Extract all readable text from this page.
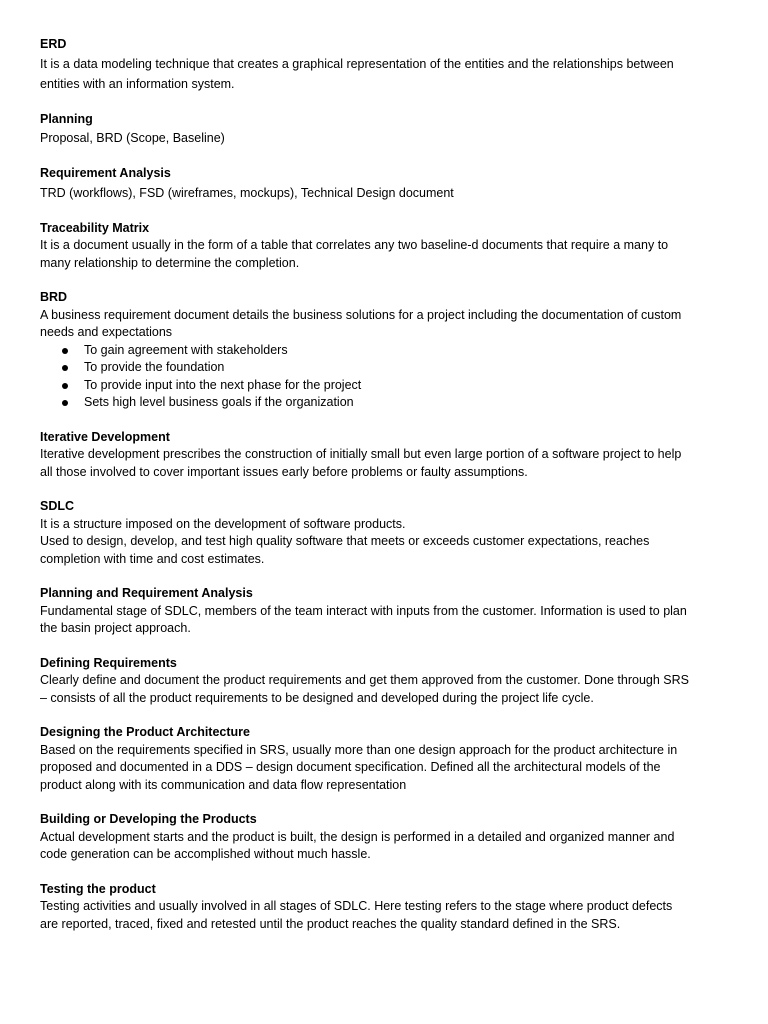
ERD

It is a data modeling technique that creates a graphical representation of the entities and the relationships between entities with an information system.

Planning

Proposal, BRD (Scope, Baseline)

Requirement Analysis

TRD (workflows), FSD (wireframes, mockups), Technical Design document

Traceability Matrix

It is a document usually in the form of a table that correlates any two baseline-d documents that require a many to many relationship to determine the completion.

BRD

A business requirement document details the business solutions for a project including the documentation of custom needs and expectations

To gain agreement with stakeholders
To provide the foundation
To provide input into the next phase for the project
Sets high level business goals if the organization

Iterative Development

Iterative development prescribes the construction of initially small but even large portion of a software project to help all those involved to cover important issues early before problems or faulty assumptions.

SDLC

It is a structure imposed on the development of software products.

Used to design, develop, and test high quality software that meets or exceeds customer expectations, reaches completion with time and cost estimates.

Planning and Requirement Analysis

Fundamental stage of SDLC, members of the team interact with inputs from the customer. Information is used to plan the basin project approach.

Defining Requirements

Clearly define and document the product requirements and get them approved from the customer. Done through SRS – consists of all the product requirements to be designed and developed during the project life cycle.

Designing the Product Architecture

Based on the requirements specified in SRS, usually more than one design approach for the product architecture in proposed and documented in a DDS – design document specification. Defined all the architectural models of the product along with its communication and data flow representation

Building or Developing the Products

Actual development starts and the product is built, the design is performed in a detailed and organized manner and code generation can be accomplished without much hassle.

Testing the product

Testing activities and usually involved in all stages of SDLC. Here testing refers to the stage where product defects are reported, traced, fixed and retested until the product reaches the quality standard defined in the SRS.
